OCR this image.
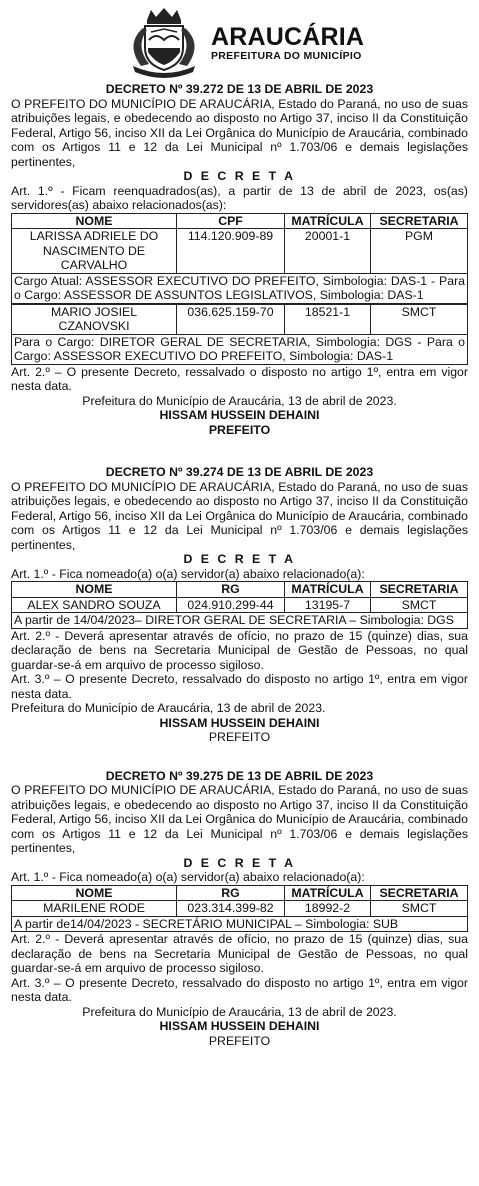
ARAUCÁRIA
PREFEITURA DO MUNICÍPIO
DECRETO Nº 39.272 DE 13 DE ABRIL DE 2023
O PREFEITO DO MUNICÍPIO DE ARAUCÁRIA, Estado do Paraná, no uso de suas atribuições legais, e obedecendo ao disposto no Artigo 37, inciso II da Constituição Federal, Artigo 56, inciso XII da Lei Orgânica do Município de Araucária, combinado com os Artigos 11 e 12 da Lei Municipal nº 1.703/06 e demais legislações pertinentes,
D E C R E T A
Art. 1.º - Ficam reenquadrados(as), a partir de 13 de abril de 2023, os(as) servidores(as) abaixo relacionados(as):
NOME	CPF	MATRÍCULA	SECRETARIA
LARISSA ADRIELE DO NASCIMENTO DE CARVALHO	114.120.909-89	20001-1	PGM
Cargo Atual: ASSESSOR EXECUTIVO DO PREFEITO, Simbologia: DAS-1 - Para o Cargo: ASSESSOR DE ASSUNTOS LEGISLATIVOS, Simbologia: DAS-1
MARIO JOSIEL CZANOVSKI	036.625.159-70	18521-1	SMCT
Para o Cargo: DIRETOR GERAL DE SECRETARIA, Simbologia: DGS - Para o Cargo: ASSESSOR EXECUTIVO DO PREFEITO, Simbologia: DAS-1
Art. 2.º – O presente Decreto, ressalvado o disposto no artigo 1º, entra em vigor nesta data.
Prefeitura do Município de Araucária, 13 de abril de 2023.
HISSAM HUSSEIN DEHAINI
PREFEITO
DECRETO Nº 39.274 DE 13 DE ABRIL DE 2023
O PREFEITO DO MUNICÍPIO DE ARAUCÁRIA, Estado do Paraná, no uso de suas atribuições legais, e obedecendo ao disposto no Artigo 37, inciso II da Constituição Federal, Artigo 56, inciso XII da Lei Orgânica do Município de Araucária, combinado com os Artigos 11 e 12 da Lei Municipal nº 1.703/06 e demais legislações pertinentes,
D E C R E T A
Art. 1.º - Fica nomeado(a) o(a) servidor(a) abaixo relacionado(a):
NOME	RG	MATRÍCULA	SECRETARIA
ALEX SANDRO SOUZA	024.910.299-44	13195-7	SMCT
A partir de 14/04/2023– DIRETOR GERAL DE SECRETARIA – Simbologia: DGS
Art. 2.º - Deverá apresentar através de ofício, no prazo de 15 (quinze) dias, sua declaração de bens na Secretaria Municipal de Gestão de Pessoas, no qual guardar-se-á em arquivo de processo sigiloso.
Art. 3.º – O presente Decreto, ressalvado do disposto no artigo 1º, entra em vigor nesta data.
Prefeitura do Município de Araucária, 13 de abril de 2023.
HISSAM HUSSEIN DEHAINI
PREFEITO
DECRETO Nº 39.275 DE 13 DE ABRIL DE 2023
O PREFEITO DO MUNICÍPIO DE ARAUCÁRIA, Estado do Paraná, no uso de suas atribuições legais, e obedecendo ao disposto no Artigo 37, inciso II da Constituição Federal, Artigo 56, inciso XII da Lei Orgânica do Município de Araucária, combinado com os Artigos 11 e 12 da Lei Municipal nº 1.703/06 e demais legislações pertinentes,
D E C R E T A
Art. 1.º - Fica nomeado(a) o(a) servidor(a) abaixo relacionado(a):
NOME	RG	MATRÍCULA	SECRETARIA
MARILENE RODE	023.314.399-82	18992-2	SMCT
A partir de14/04/2023 - SECRETÁRIO MUNICIPAL – Simbologia: SUB
Art. 2.º - Deverá apresentar através de ofício, no prazo de 15 (quinze) dias, sua declaração de bens na Secretaria Municipal de Gestão de Pessoas, no qual guardar-se-á em arquivo de processo sigiloso.
Art. 3.º – O presente Decreto, ressalvado do disposto no artigo 1º, entra em vigor nesta data.
Prefeitura do Município de Araucária, 13 de abril de 2023.
HISSAM HUSSEIN DEHAINI
PREFEITO
